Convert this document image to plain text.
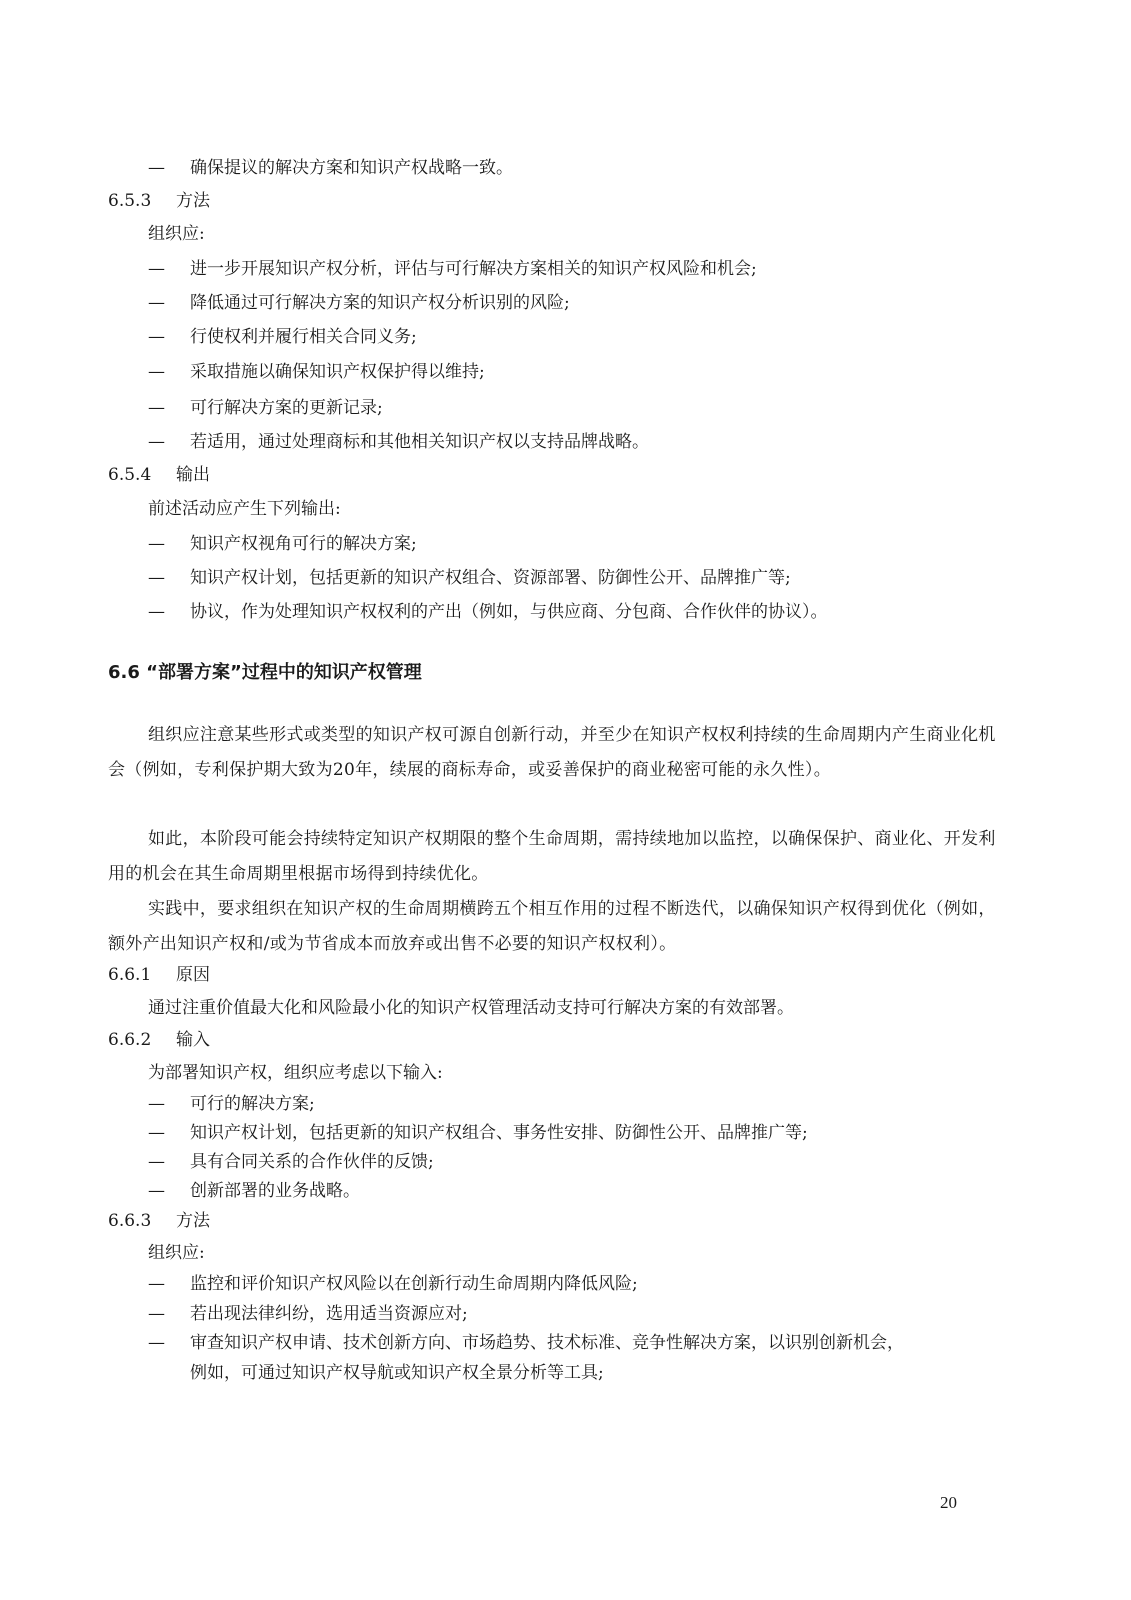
— 确保提议的解决方案和知识产权战略一致。
6.5.3 方法
组织应:
— 进一步开展知识产权分析，评估与可行解决方案相关的知识产权风险和机会;
— 降低通过可行解决方案的知识产权分析识别的风险;
— 行使权利并履行相关合同义务;
— 采取措施以确保知识产权保护得以维持;
— 可行解决方案的更新记录;
— 若适用，通过处理商标和其他相关知识产权以支持品牌战略。
6.5.4 输出
前述活动应产生下列输出:
— 知识产权视角可行的解决方案;
— 知识产权计划，包括更新的知识产权组合、资源部署、防御性公开、品牌推广等;
— 协议，作为处理知识产权权利的产出（例如，与供应商、分包商、合作伙伴的协议）。
6.6 “部署方案”过程中的知识产权管理
组织应注意某些形式或类型的知识产权可源自创新行动，并至少在知识产权权利持续的生命周期内产生商业化机会（例如，专利保护期大致为20年，续展的商标寿命，或妥善保护的商业秘密可能的永久性）。
如此，本阶段可能会持续特定知识产权期限的整个生命周期，需持续地加以监控，以确保保护、商业化、开发利用的机会在其生命周期里根据市场得到持续优化。
实践中，要求组织在知识产权的生命周期横跨五个相互作用的过程不断迭代，以确保知识产权得到优化（例如，额外产出知识产权和/或为节省成本而放弃或出售不必要的知识产权权利）。
6.6.1 原因
通过注重价值最大化和风险最小化的知识产权管理活动支持可行解决方案的有效部署。
6.6.2 输入
为部署知识产权，组织应考虑以下输入:
— 可行的解决方案;
— 知识产权计划，包括更新的知识产权组合、事务性安排、防御性公开、品牌推广等;
— 具有合同关系的合作伙伴的反馈;
— 创新部署的业务战略。
6.6.3 方法
组织应:
— 监控和评价知识产权风险以在创新行动生命周期内降低风险;
— 若出现法律纠纷，选用适当资源应对;
— 审查知识产权申请、技术创新方向、市场趋势、技术标准、竞争性解决方案，以识别创新机会，
例如，可通过知识产权导航或知识产权全景分析等工具;
20
